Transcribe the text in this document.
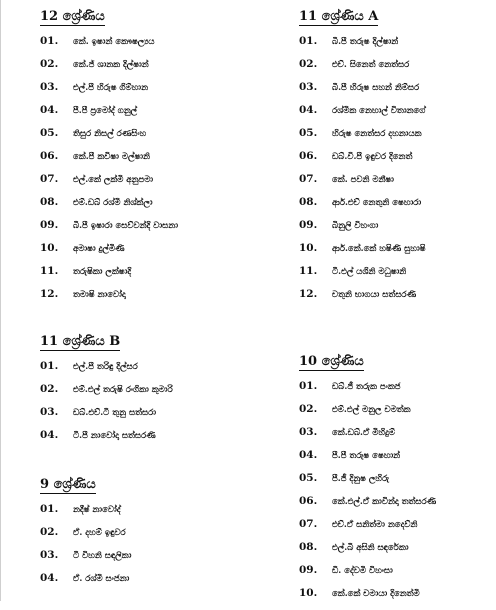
12 ශ්‍රේණිය
01. කේ. ඉෂාන් කෞෂල්‍යය
02. කේ.ජ් ශානක දිල්ෂාන්
03. එල්.පී හිරුෂ ගිම්හාන
04. පී.පී ප්‍රමෝද් ගනුල්
05. තිසුර නිසල් රණසිංහ
06. කේ.පී කවිෂා මල්ෂානි
07. එල්.කේ ලක්මි අනුපමා
08. එම්.ඩබ් රශ්මි නිශ්ක්ලා
09. බී.පී ඉෂාරා සෙව්වන්දි වාසනා
10. අමාෂා දුල්මිණි
11. තරුෂිකා ලක්ෂාදි
12. තමාෂි නාවෝදා
11 ශ්‍රේණිය A
01. බී.පී තරුෂ දිල්ෂාන්
02. එච්. සිනෙත් නෙත්සර
03. බී.පී හිරුෂ සහන් නිම්සර
04. රශ්මික නෙහාල් විතානගේ
05. හිරුෂ නෙත්සර දහනායක
06. ඩබ්.වී.පී ඉඳුවර දිනෙත්
07. කේ. පවනි මනීෂා
08. ආර්.එච් නෙතුනි ෂෙහාරා
09. බිනුලි විහංගා
10. ආර්.කේ.කේ හෂිණි සුහාෂි
11. ටී.එල් යශිනි මධුෂානි
12. චතුනි භාගයා සත්සරණි
11 ශ්‍රේණිය B
01. එල්.පී තරිඳු දිල්සර
02. එම්.එල් තරුෂි රංගිකා කුමාරි
03. ඩබ්.එච්.ටී තුනු සත්සරා
04. ටී.පී නාවෝදා සත්සරණි
10 ශ්‍රේණිය
01. ඩබ්.ජී තරුක පංකජ
02. එම්.එල් මනුල චමත්ක
03. කේ.ඩබ්.ඒ මිහිදුම්
04. පී.පී තරුෂ ෂෙහාන්
05. පී.ජී දිනුෂ ලහිරු
06. කේ.එල්.ඒ කාවින්දා තත්සරණි
07. එච්.ඒ සනිත්මා නදෙව්නි
08. එල්.බී අසිනි සඳරේකා
09. ඩී. දේවමි විහංසා
10. කේ.කේ චමායා දිනෙත්මි
9 ශ්‍රේණිය
01. නදීෂ් නාවෝද්
02. ඒ. දහම් ඉඳුවර
03. ටී විහනි සඳලිකා
04. ඒ. රශ්මි සංජනා
